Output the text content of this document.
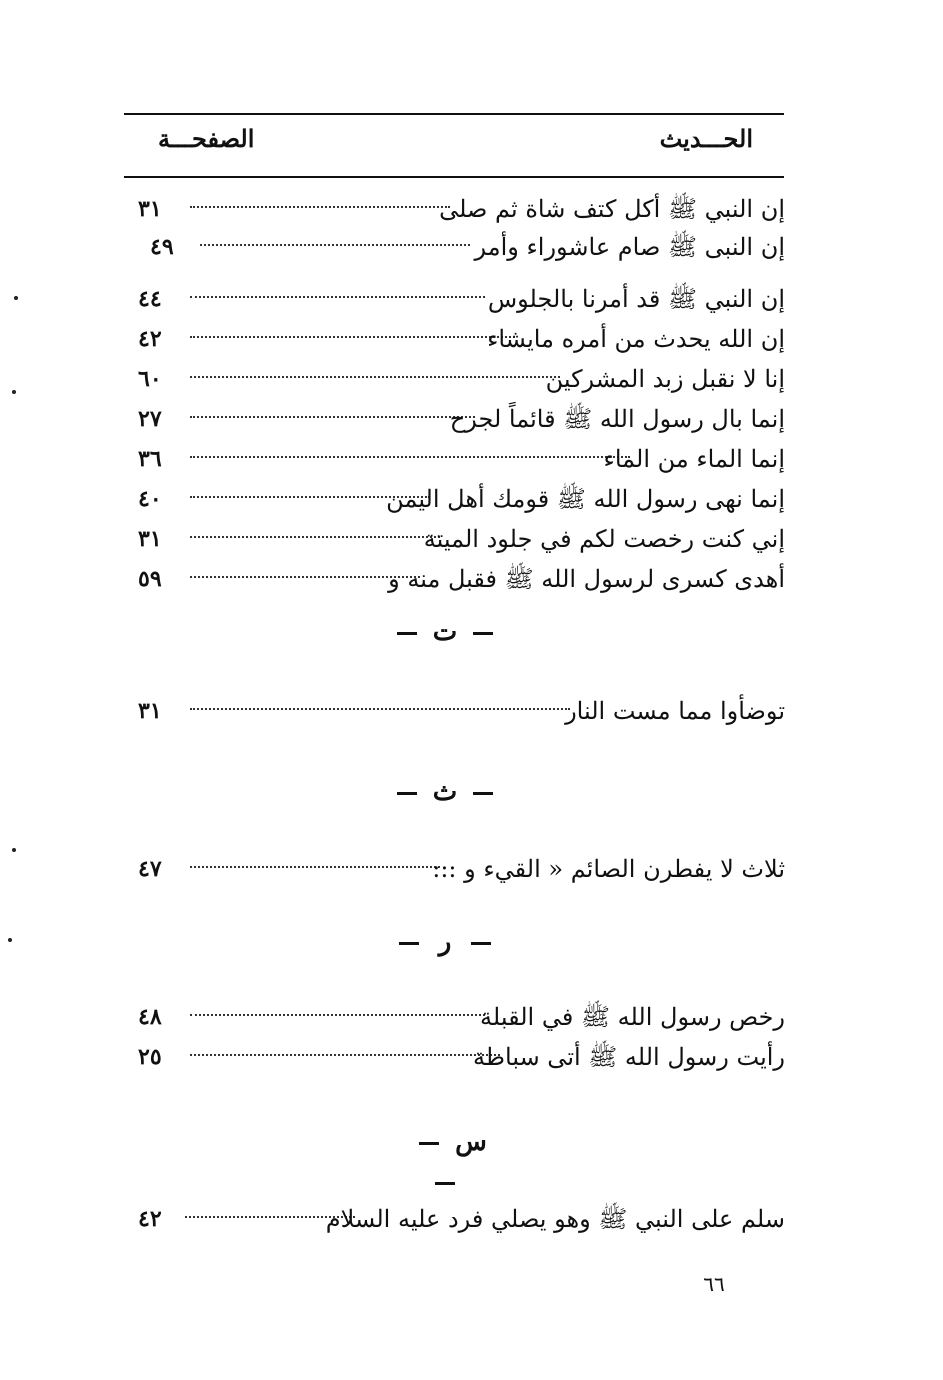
الحـــديث
الصفحـــة
إن النبي ﷺ أكل كتف شاة ثم صلى
٣١
إن النبى ﷺ صام عاشوراء وأمر
٤٩
إن النبي ﷺ قد أمرنا بالجلوس
٤٤
إن الله يحدث من أمره مايشاء
٤٢
إنا لا نقبل زبد المشركين
٦٠
إنما بال رسول الله ﷺ قائماً لجرح
٢٧
إنما الماء من الماء
٣٦
إنما نهى رسول الله ﷺ قومك أهل اليمن
٤٠
إني كنت رخصت لكم في جلود الميتة
٣١
أهدى كسرى لرسول الله ﷺ فقبل منه و
٥٩
ت
توضأوا مما مست النار
٣١
ث
ثلاث لا يفطرن الصائم « القيء و :::
٤٧
ر
رخص رسول الله ﷺ في القبلة
٤٨
رأيت رسول الله ﷺ أتى سباطة
٢٥
س
سلم على النبي ﷺ وهو يصلي فرد عليه السلام
٤٢
٦٦
